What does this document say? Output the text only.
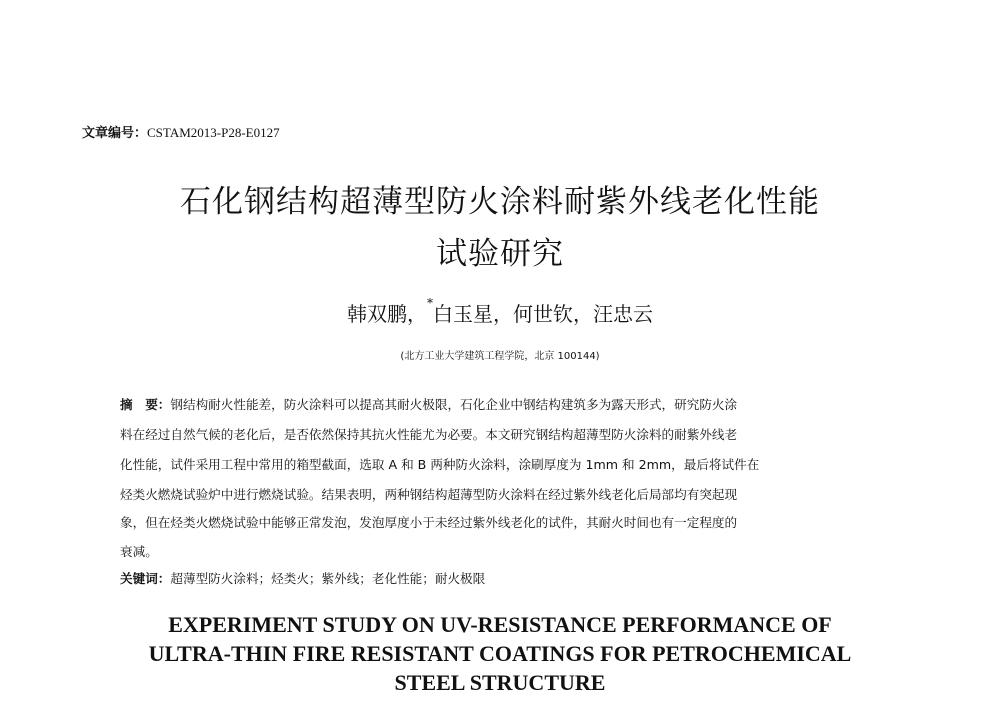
文章编号：CSTAM2013-P28-E0127
石化钢结构超薄型防火涂料耐紫外线老化性能
试验研究
韩双鹏，*白玉星，何世钦，汪忠云
(北方工业大学建筑工程学院，北京 100144)
摘　要：钢结构耐火性能差，防火涂料可以提高其耐火极限，石化企业中钢结构建筑多为露天形式，研究防火涂
料在经过自然气候的老化后，是否依然保持其抗火性能尤为必要。本文研究钢结构超薄型防火涂料的耐紫外线老
化性能，试件采用工程中常用的箱型截面，选取 A 和 B 两种防火涂料，涂刷厚度为 1mm 和 2mm，最后将试件在
烃类火燃烧试验炉中进行燃烧试验。结果表明，两种钢结构超薄型防火涂料在经过紫外线老化后局部均有突起现
象，但在烃类火燃烧试验中能够正常发泡，发泡厚度小于未经过紫外线老化的试件，其耐火时间也有一定程度的
衰减。
关键词：超薄型防火涂料；烃类火；紫外线；老化性能；耐火极限
EXPERIMENT STUDY ON UV-RESISTANCE PERFORMANCE OF
ULTRA-THIN FIRE RESISTANT COATINGS FOR PETROCHEMICAL
STEEL STRUCTURE
